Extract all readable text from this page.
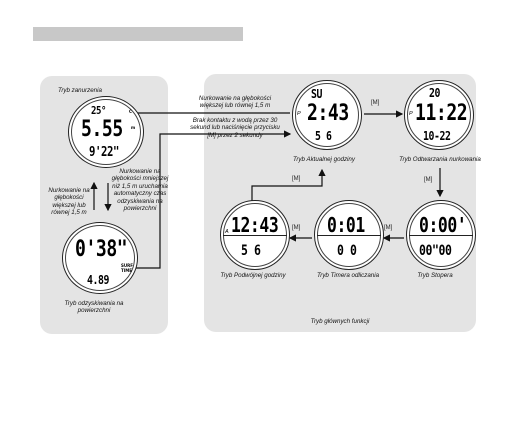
Tryb zanurzenia
Nurkowanie na głębokości większej lub równej 1,5 m
Brak kontaktu z wodą przez 30 sekund lub naciśnięcie przycisku [M] przez 2 sekundy
Nurkowanie na głębokości mniejszej niż 1,5 m uruchamia automatyczny czas odzyskiwania na powierzchni
Nurkowanie na głębokości większej lub równej 1,5 m
Tryb odzyskiwania na powierzchni
Tryb Aktualnej godziny	Tryb Odtwarzania nurkowania
Tryb Stopera
Tryb Timera odliczania
Tryb Podwójnej godziny
Tryb głównych funkcji
[M]
[M]
[M]
[M]
[M]
C
25°
5.55 m
9'22"
0'38"
SURF
TIME
4.89
SU
P 2:43
5 6
20
P 11:22
10-22
0:00'
00"00
0:01
0 0
A 12:43
5 6
